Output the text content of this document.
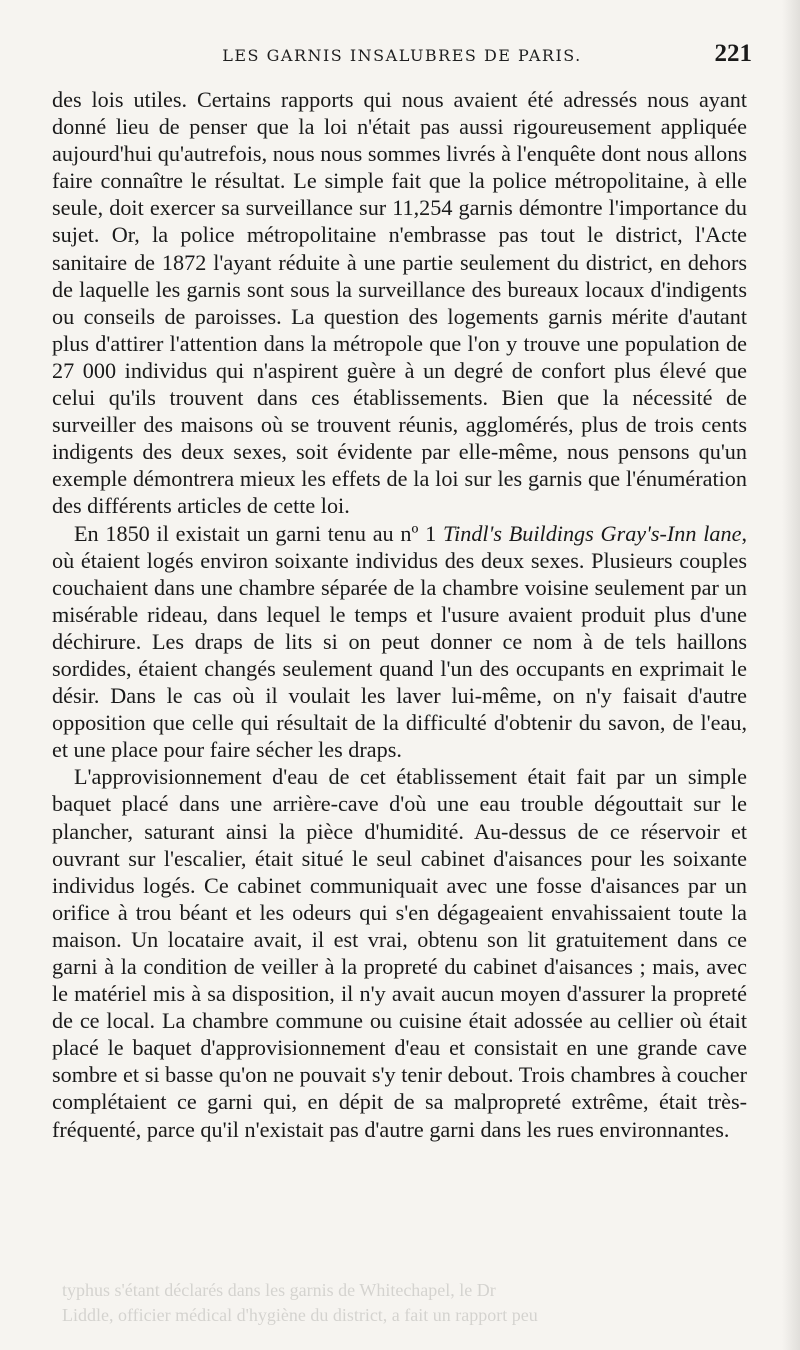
Liddle, officier médical d'hygiène du district, a fait un rapport peu
typhus s'étant déclarés dans les garnis de Whitechapel, le Dr
LES GARNIS INSALUBRES DE PARIS.	221

des lois utiles. Certains rapports qui nous avaient été adressés nous ayant donné lieu de penser que la loi n'était pas aussi rigoureusement appliquée aujourd'hui qu'autrefois, nous nous sommes livrés à l'enquête dont nous allons faire connaître le résultat. Le simple fait que la police métropolitaine, à elle seule, doit exercer sa surveillance sur 11,254 garnis démontre l'importance du sujet. Or, la police métropolitaine n'embrasse pas tout le district, l'Acte sanitaire de 1872 l'ayant réduite à une partie seulement du district, en dehors de laquelle les garnis sont sous la surveillance des bureaux locaux d'indigents ou conseils de paroisses. La question des logements garnis mérite d'autant plus d'attirer l'attention dans la métropole que l'on y trouve une population de 27 000 individus qui n'aspirent guère à un degré de confort plus élevé que celui qu'ils trouvent dans ces établissements. Bien que la nécessité de surveiller des maisons où se trouvent réunis, agglomérés, plus de trois cents indigents des deux sexes, soit évidente par elle-même, nous pensons qu'un exemple démontrera mieux les effets de la loi sur les garnis que l'énumération des différents articles de cette loi.

En 1850 il existait un garni tenu au nº 1 Tindl's Buildings Gray's-Inn lane, où étaient logés environ soixante individus des deux sexes. Plusieurs couples couchaient dans une chambre séparée de la chambre voisine seulement par un misérable rideau, dans lequel le temps et l'usure avaient produit plus d'une déchirure. Les draps de lits si on peut donner ce nom à de tels haillons sordides, étaient changés seulement quand l'un des occupants en exprimait le désir. Dans le cas où il voulait les laver lui-même, on n'y faisait d'autre opposition que celle qui résultait de la difficulté d'obtenir du savon, de l'eau, et une place pour faire sécher les draps.

L'approvisionnement d'eau de cet établissement était fait par un simple baquet placé dans une arrière-cave d'où une eau trouble dégouttait sur le plancher, saturant ainsi la pièce d'humidité. Au-dessus de ce réservoir et ouvrant sur l'escalier, était situé le seul cabinet d'aisances pour les soixante individus logés. Ce cabinet communiquait avec une fosse d'aisances par un orifice à trou béant et les odeurs qui s'en dégageaient envahissaient toute la maison. Un locataire avait, il est vrai, obtenu son lit gratuitement dans ce garni à la condition de veiller à la propreté du cabinet d'aisances ; mais, avec le matériel mis à sa disposition, il n'y avait aucun moyen d'assurer la propreté de ce local. La chambre commune ou cuisine était adossée au cellier où était placé le baquet d'approvisionnement d'eau et consistait en une grande cave sombre et si basse qu'on ne pouvait s'y tenir debout. Trois chambres à coucher complétaient ce garni qui, en dépit de sa malpropreté extrême, était très-fréquenté, parce qu'il n'existait pas d'autre garni dans les rues environnantes.
